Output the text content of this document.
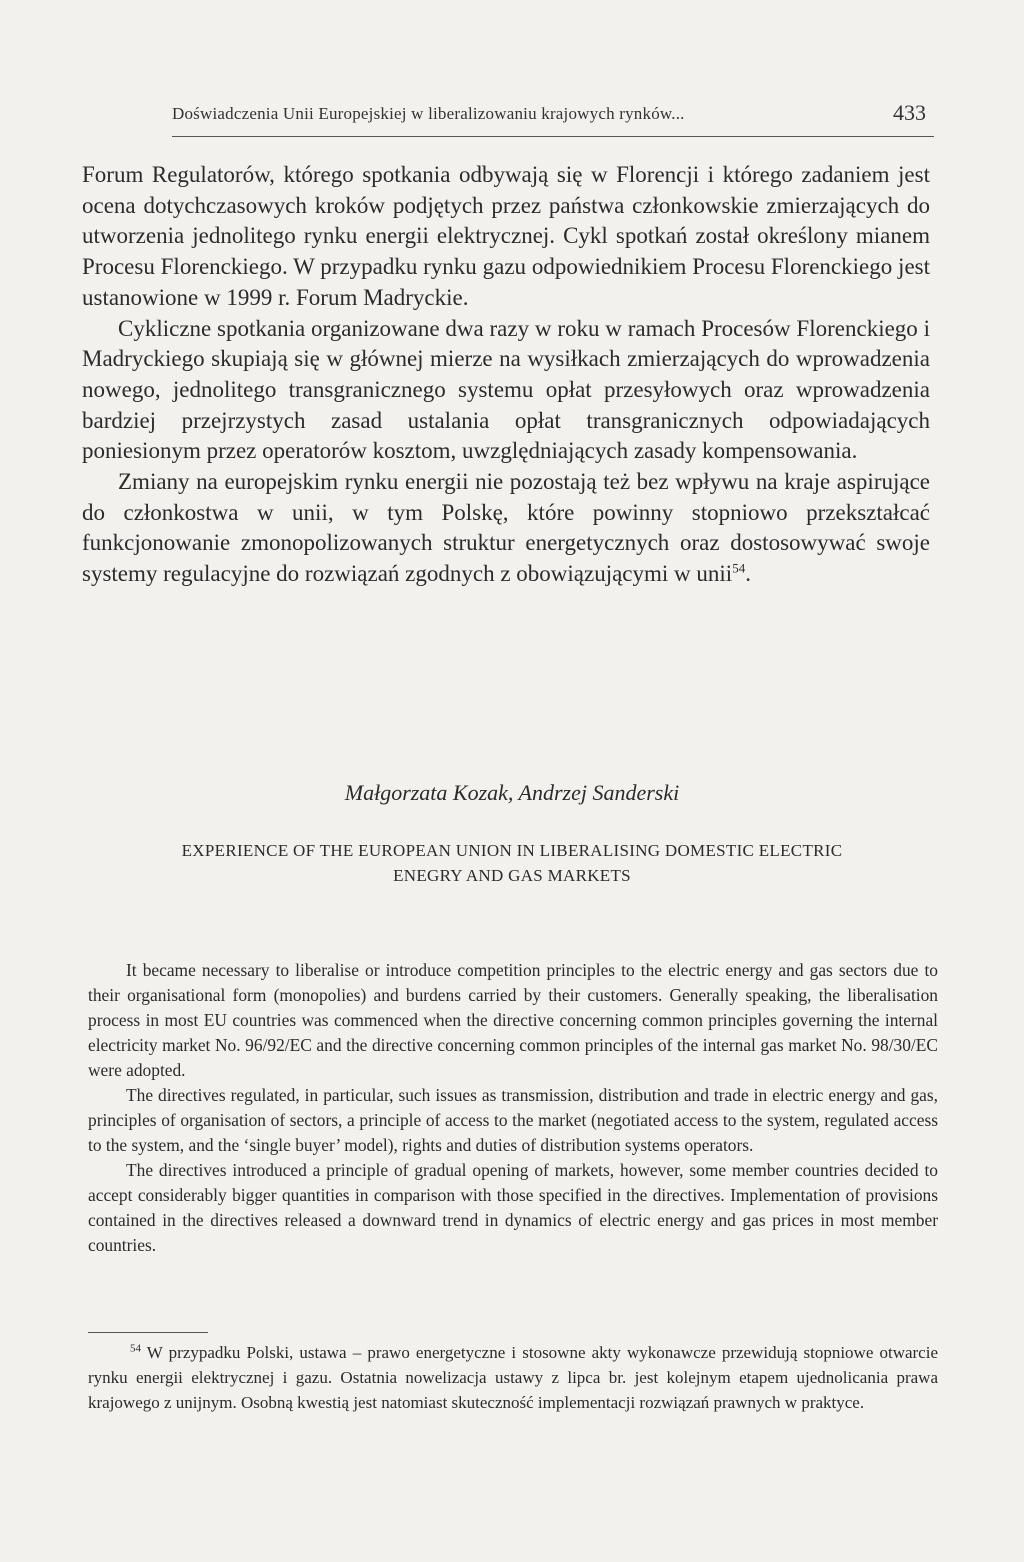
Doświadczenia Unii Europejskiej w liberalizowaniu krajowych rynków...	433

Forum Regulatorów, którego spotkania odbywają się w Florencji i którego zadaniem jest ocena dotychczasowych kroków podjętych przez państwa członkowskie zmierzających do utworzenia jednolitego rynku energii elektrycznej. Cykl spotkań został określony mianem Procesu Florenckiego. W przypadku rynku gazu odpowiednikiem Procesu Florenckiego jest ustanowione w 1999 r. Forum Madryckie.

Cykliczne spotkania organizowane dwa razy w roku w ramach Procesów Florenckiego i Madryckiego skupiają się w głównej mierze na wysiłkach zmierzających do wprowadzenia nowego, jednolitego transgranicznego systemu opłat przesyłowych oraz wprowadzenia bardziej przejrzystych zasad ustalania opłat transgranicznych odpowiadających poniesionym przez operatorów kosztom, uwzględniających zasady kompensowania.

Zmiany na europejskim rynku energii nie pozostają też bez wpływu na kraje aspirujące do członkostwa w unii, w tym Polskę, które powinny stopniowo przekształcać funkcjonowanie zmonopolizowanych struktur energetycznych oraz dostosowywać swoje systemy regulacyjne do rozwiązań zgodnych z obowiązującymi w unii$^{54}$.

Małgorzata Kozak, Andrzej Sanderski
EXPERIENCE OF THE EUROPEAN UNION IN LIBERALISING DOMESTIC ELECTRIC
ENEGRY AND GAS MARKETS

It became necessary to liberalise or introduce competition principles to the electric energy and gas sectors due to their organisational form (monopolies) and burdens carried by their customers. Generally speaking, the liberalisation process in most EU countries was commenced when the directive concerning common principles governing the internal electricity market No. 96/92/EC and the directive concerning common principles of the internal gas market No. 98/30/EC were adopted.

The directives regulated, in particular, such issues as transmission, distribution and trade in electric energy and gas, principles of organisation of sectors, a principle of access to the market (negotiated access to the system, regulated access to the system, and the ‘single buyer’ model), rights and duties of distribution systems operators.

The directives introduced a principle of gradual opening of markets, however, some member countries decided to accept considerably bigger quantities in comparison with those specified in the directives. Implementation of provisions contained in the directives released a downward trend in dynamics of electric energy and gas prices in most member countries.

$^{54}$ W przypadku Polski, ustawa – prawo energetyczne i stosowne akty wykonawcze przewidują stopniowe otwarcie rynku energii elektrycznej i gazu. Ostatnia nowelizacja ustawy z lipca br. jest kolejnym etapem ujednolicania prawa krajowego z unijnym. Osobną kwestią jest natomiast skuteczność implementacji rozwiązań prawnych w praktyce.
